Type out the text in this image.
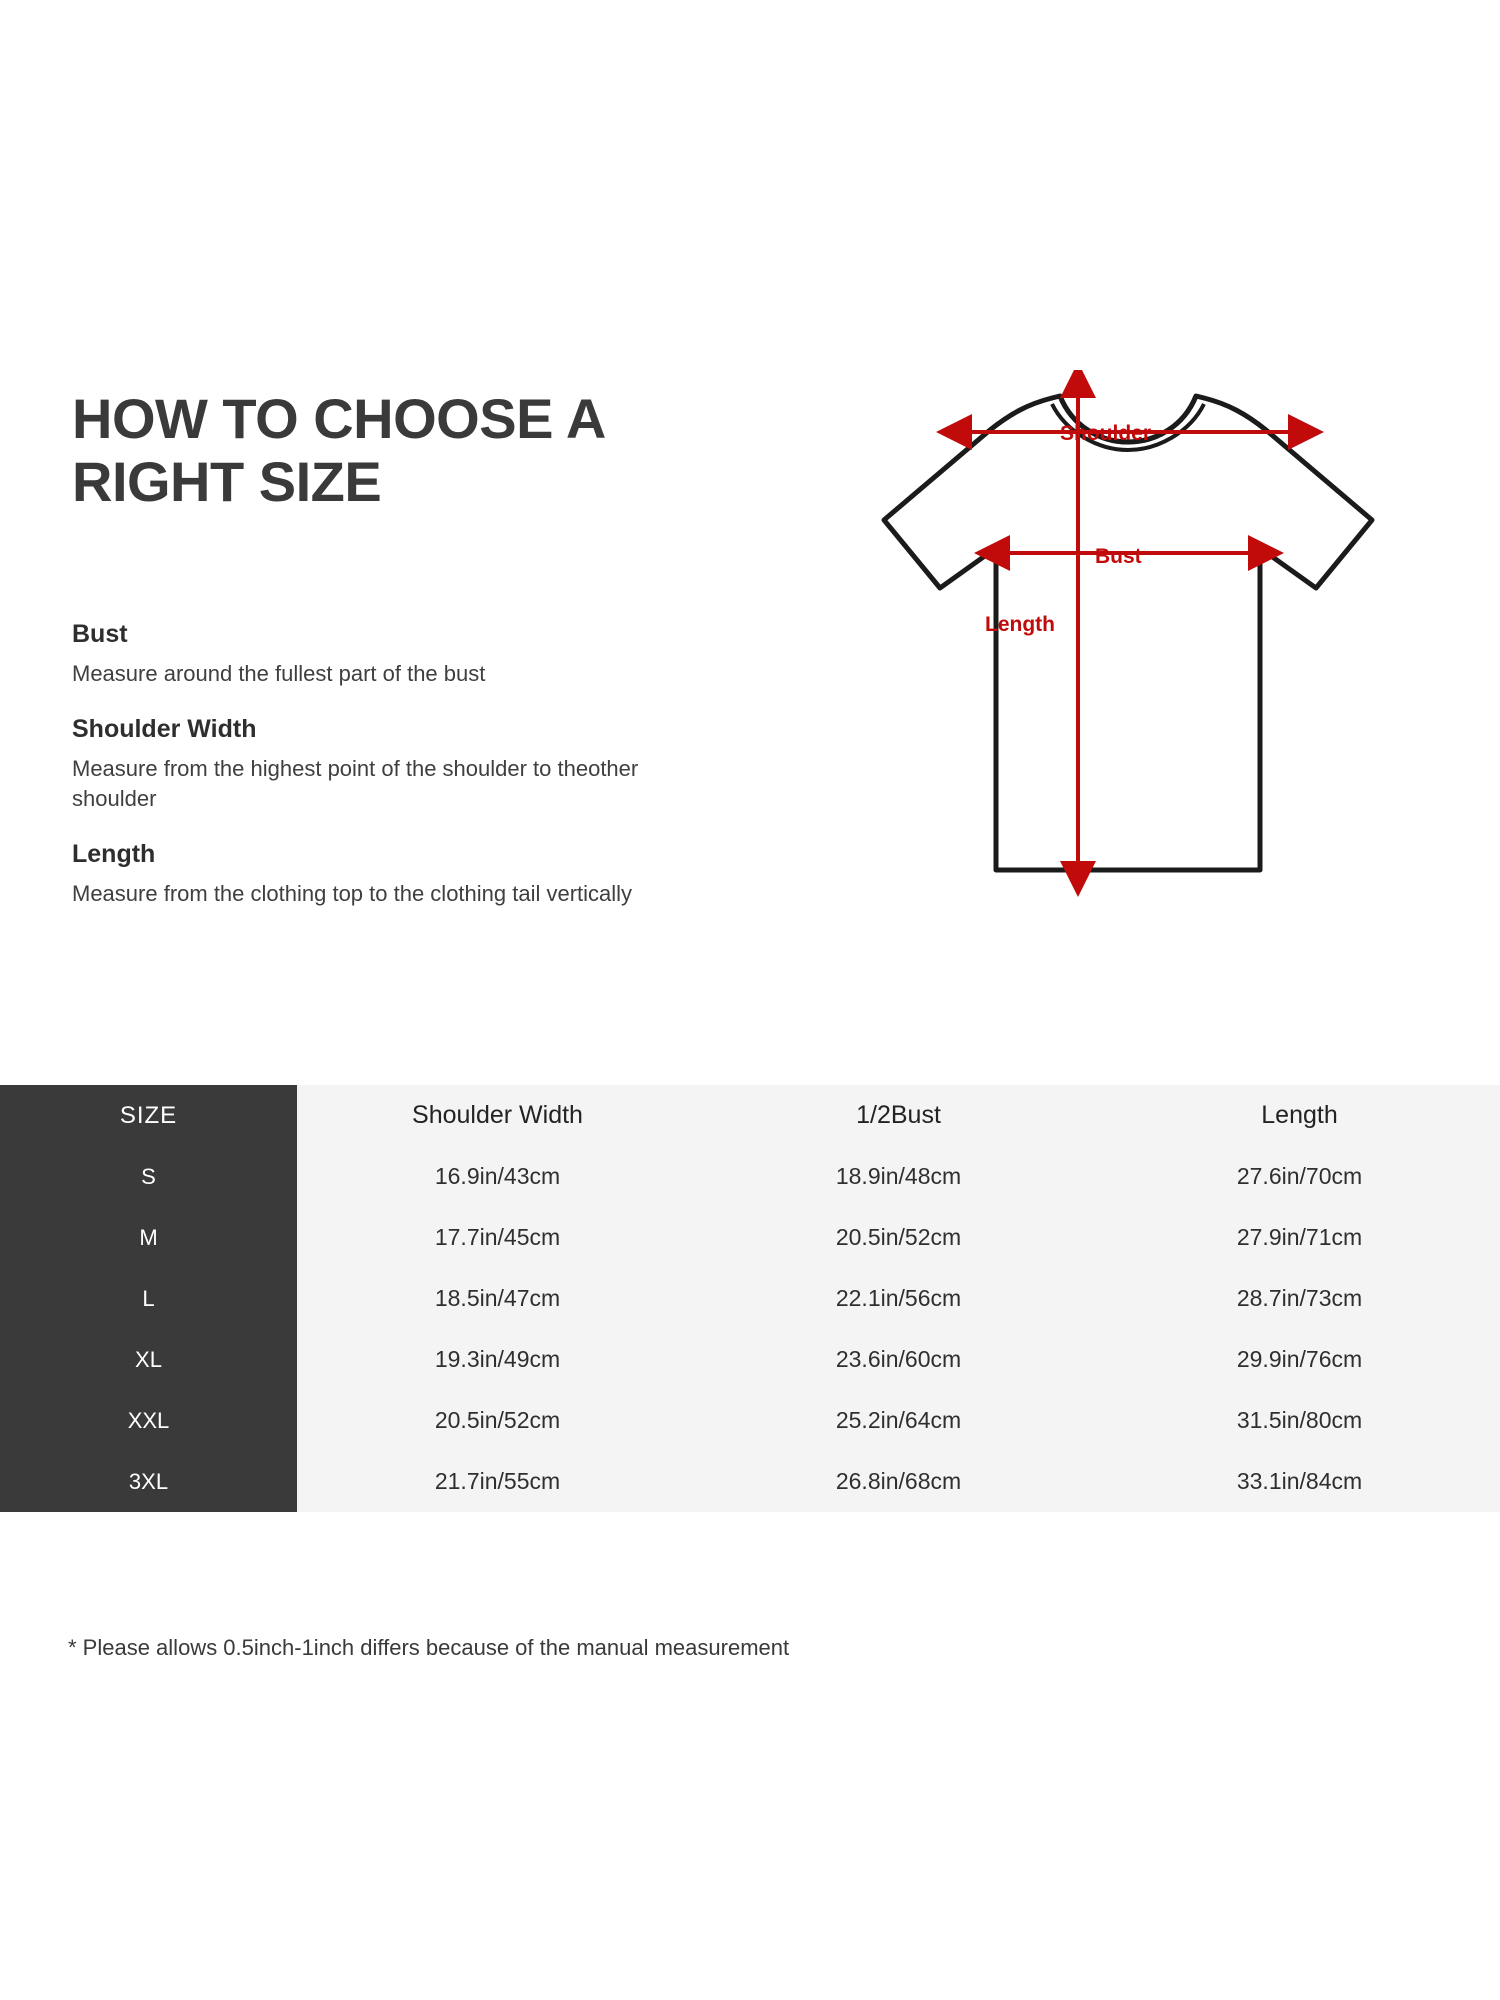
HOW TO CHOOSE A RIGHT SIZE

Bust

Measure around the fullest part of the bust

Shoulder Width

Measure from the highest point of the shoulder to theother shoulder

Length

Measure from the clothing top to the clothing tail vertically

Shoulder
Bust
Length
SIZE	Shoulder Width	1/2Bust	Length
S	16.9in/43cm	18.9in/48cm	27.6in/70cm
M	17.7in/45cm	20.5in/52cm	27.9in/71cm
L	18.5in/47cm	22.1in/56cm	28.7in/73cm
XL	19.3in/49cm	23.6in/60cm	29.9in/76cm
XXL	20.5in/52cm	25.2in/64cm	31.5in/80cm
3XL	21.7in/55cm	26.8in/68cm	33.1in/84cm
* Please allows 0.5inch-1inch differs because of the manual measurement
